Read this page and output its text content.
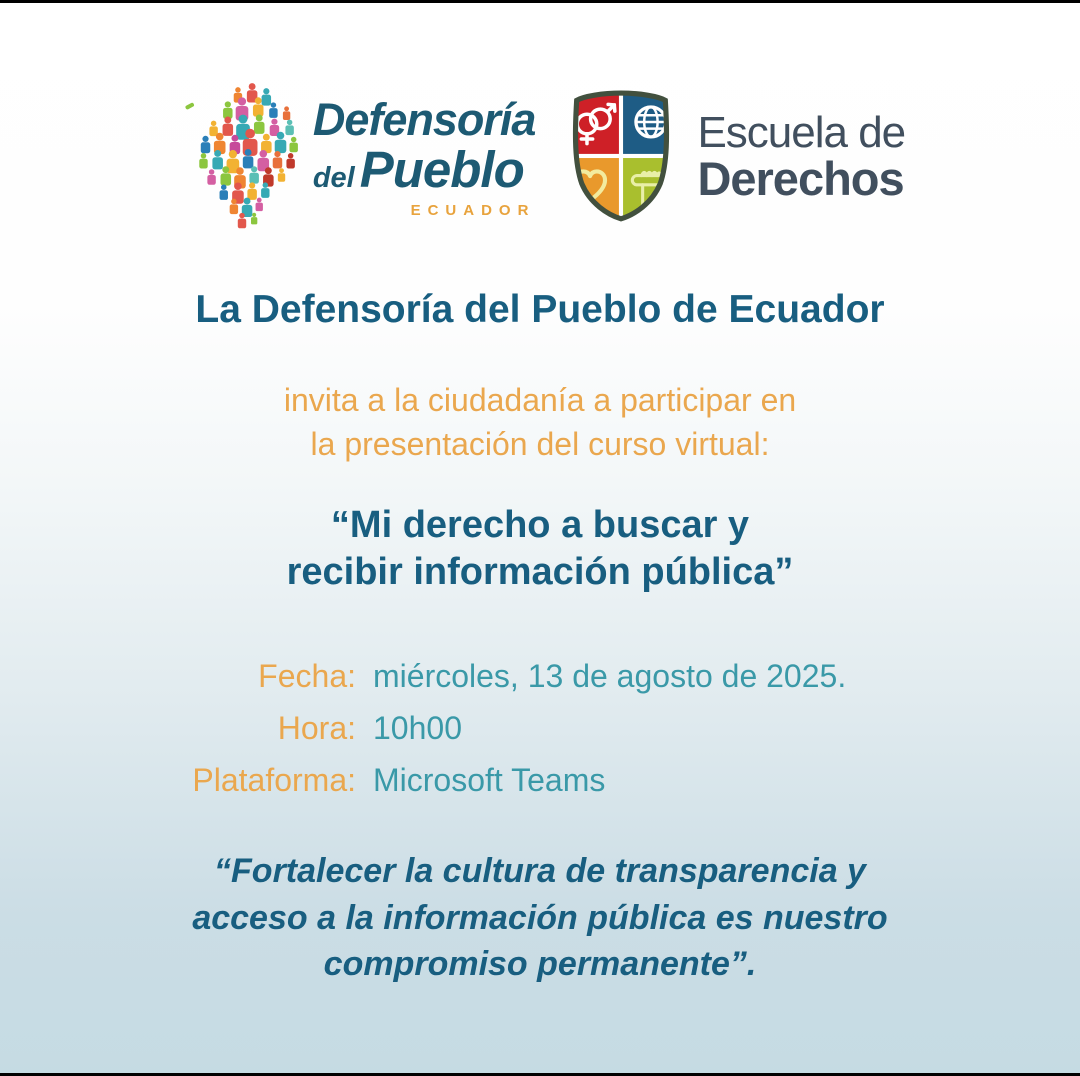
Defensoría
del Pueblo
ECUADOR
Escuela de
Derechos
La Defensoría del Pueblo de Ecuador
invita a la ciudadanía a participar en
la presentación del curso virtual:
“Mi derecho a buscar y
recibir información pública”
Fecha: miércoles, 13 de agosto de 2025.
Hora: 10h00
Plataforma: Microsoft Teams
“Fortalecer la cultura de transparencia y
acceso a la información pública es nuestro
compromiso permanente”.
